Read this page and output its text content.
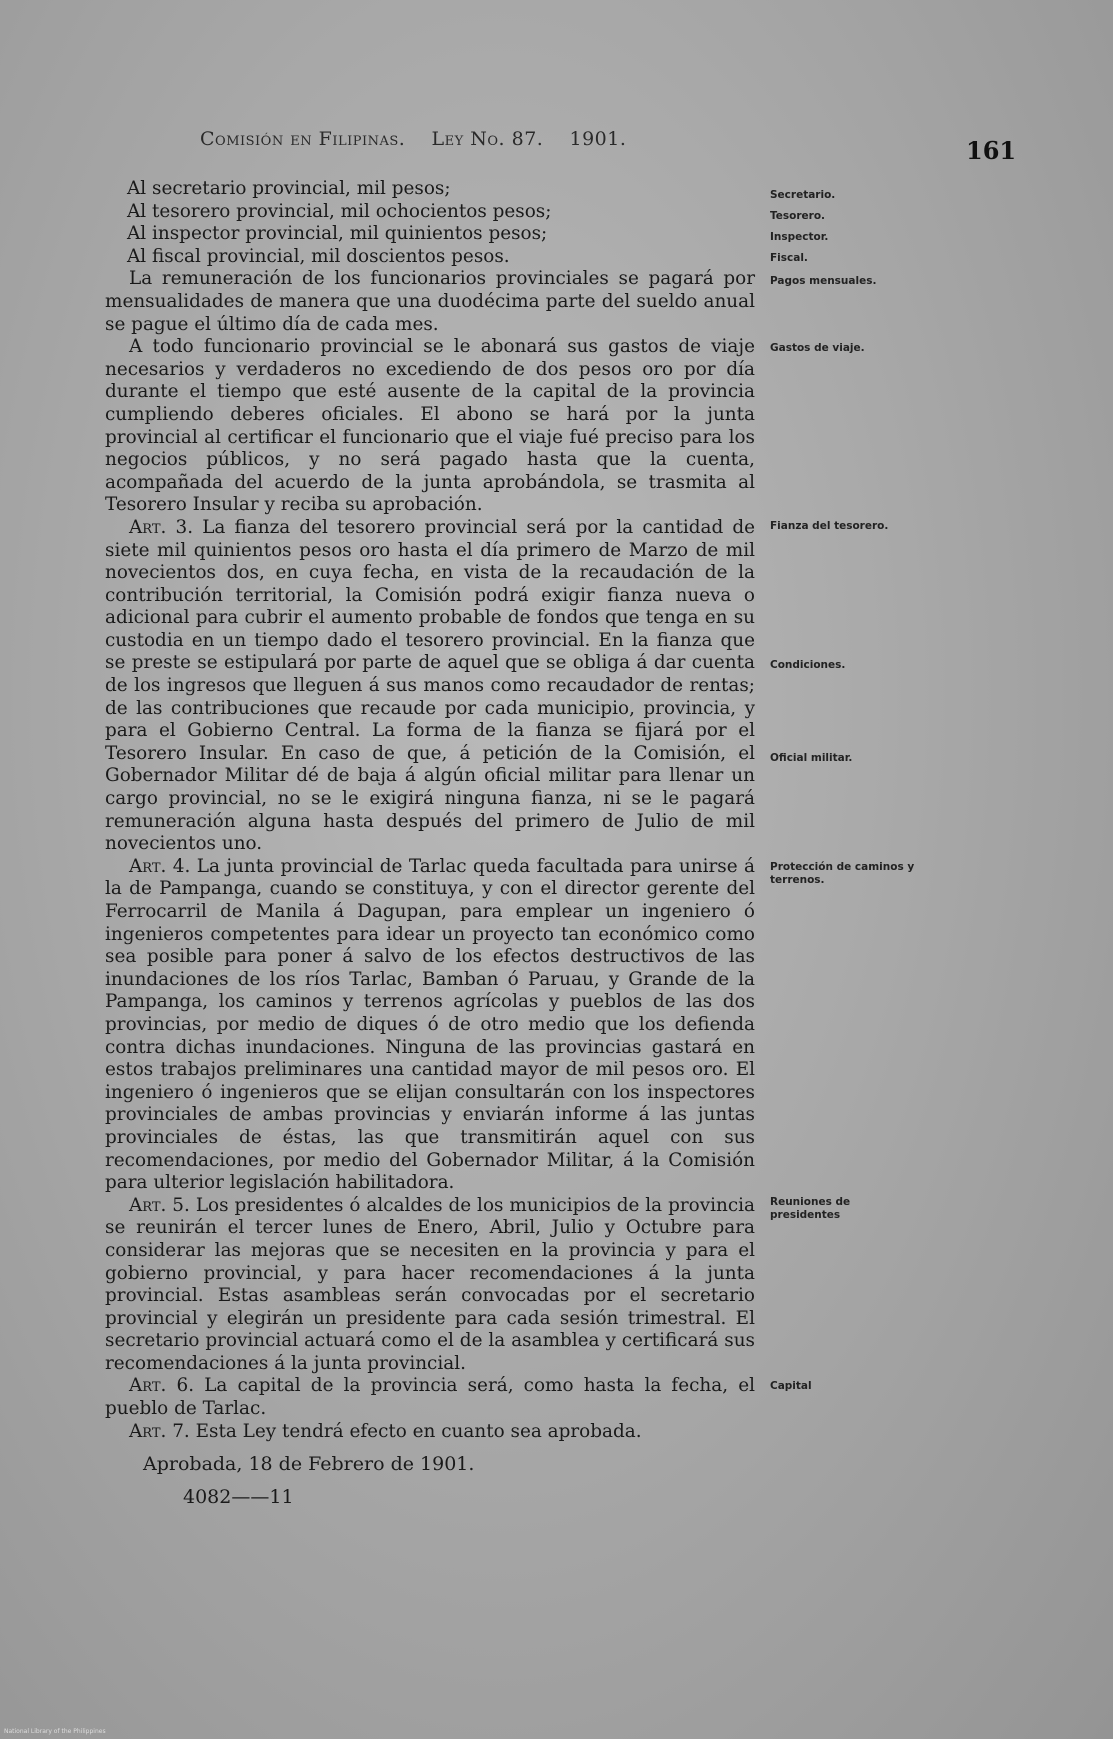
Comisión en Filipinas. Ley No. 87. 1901.	161

Al secretario provincial, mil pesos;

Al tesorero provincial, mil ochocientos pesos;

Al inspector provincial, mil quinientos pesos;

Al fiscal provincial, mil doscientos pesos.

La remuneración de los funcionarios provinciales se pagará por mensualidades de manera que una duodécima parte del sueldo anual se pague el último día de cada mes.

A todo funcionario provincial se le abonará sus gastos de viaje necesarios y verdaderos no excediendo de dos pesos oro por día durante el tiempo que esté ausente de la capital de la provincia cumpliendo deberes oficiales. El abono se hará por la junta provincial al certificar el funcionario que el viaje fué preciso para los negocios públicos, y no será pagado hasta que la cuenta, acompañada del acuerdo de la junta aprobándola, se trasmita al Tesorero Insular y reciba su aprobación.

Art. 3. La fianza del tesorero provincial será por la cantidad de siete mil quinientos pesos oro hasta el día primero de Marzo de mil novecientos dos, en cuya fecha, en vista de la recaudación de la contribución territorial, la Comisión podrá exigir fianza nueva o adicional para cubrir el aumento probable de fondos que tenga en su custodia en un tiempo dado el tesorero provincial. En la fianza que se preste se estipulará por parte de aquel que se obliga á dar cuenta de los ingresos que lleguen á sus manos como recaudador de rentas; de las contribuciones que recaude por cada municipio, provincia, y para el Gobierno Central. La forma de la fianza se fijará por el Tesorero Insular. En caso de que, á petición de la Comisión, el Gobernador Militar dé de baja á algún oficial militar para llenar un cargo provincial, no se le exigirá ninguna fianza, ni se le pagará remuneración alguna hasta después del primero de Julio de mil novecientos uno.

Art. 4. La junta provincial de Tarlac queda facultada para unirse á la de Pampanga, cuando se constituya, y con el director gerente del Ferrocarril de Manila á Dagupan, para emplear un ingeniero ó ingenieros competentes para idear un proyecto tan económico como sea posible para poner á salvo de los efectos destructivos de las inundaciones de los ríos Tarlac, Bamban ó Paruau, y Grande de la Pampanga, los caminos y terrenos agrícolas y pueblos de las dos provincias, por medio de diques ó de otro medio que los defienda contra dichas inundaciones. Ninguna de las provincias gastará en estos trabajos preliminares una cantidad mayor de mil pesos oro. El ingeniero ó ingenieros que se elijan consultarán con los inspectores provinciales de ambas provincias y enviarán informe á las juntas provinciales de éstas, las que transmitirán aquel con sus recomendaciones, por medio del Gobernador Militar, á la Comisión para ulterior legislación habilitadora.

Art. 5. Los presidentes ó alcaldes de los municipios de la provincia se reunirán el tercer lunes de Enero, Abril, Julio y Octubre para considerar las mejoras que se necesiten en la provincia y para el gobierno provincial, y para hacer recomendaciones á la junta provincial. Estas asambleas serán convocadas por el secretario provincial y elegirán un presidente para cada sesión trimestral. El secretario provincial actuará como el de la asamblea y certificará sus recomendaciones á la junta provincial.

Art. 6. La capital de la provincia será, como hasta la fecha, el pueblo de Tarlac.

Art. 7. Esta Ley tendrá efecto en cuanto sea aprobada.

Aprobada, 18 de Febrero de 1901.

4082——11

Secretario.
Tesorero.
Inspector.
Fiscal.
Pagos mensuales.
Gastos de viaje.
Fianza del tesorero.
Condiciones.
Oficial militar.
Protección de caminos y terrenos.
Reuniones de presidentes
Capital
National Library of the Philippines
